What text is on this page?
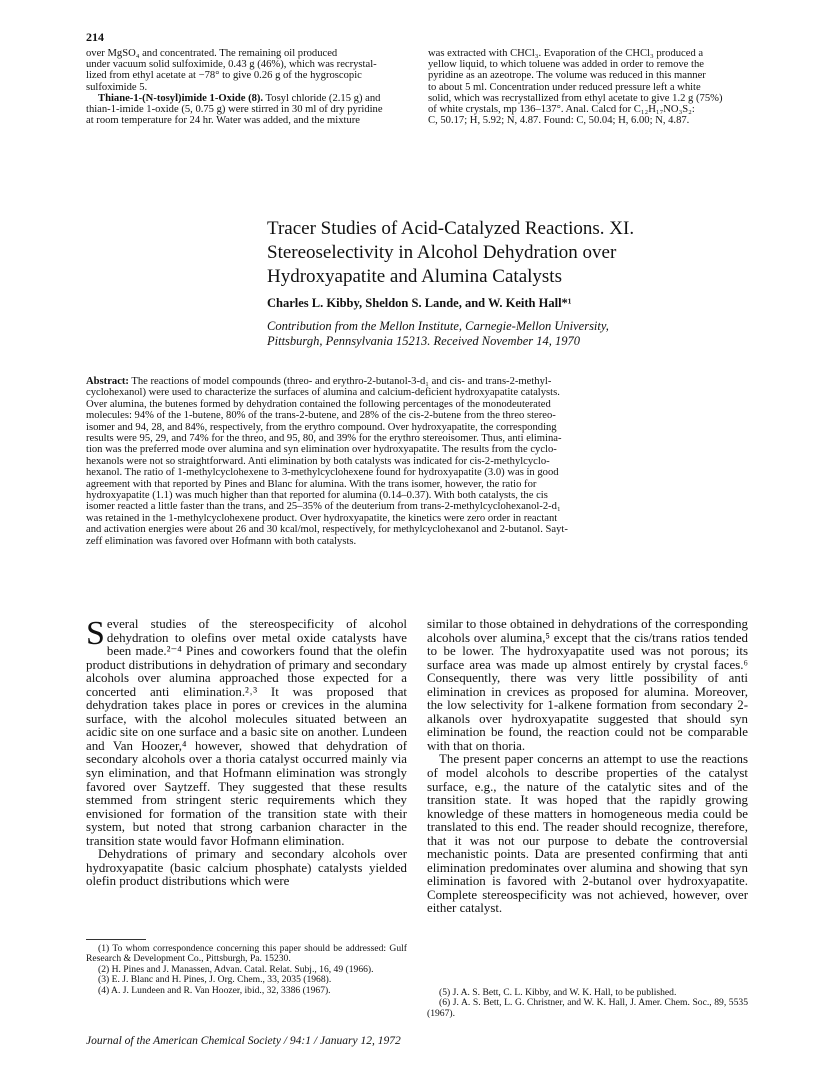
214
over MgSO₄ and concentrated. The remaining oil produced
under vacuum solid sulfoximide, 0.43 g (46%), which was recrystal-
lized from ethyl acetate at −78° to give 0.26 g of the hygroscopic
sulfoximide 5.
Thiane-1-(N-tosyl)imide 1-Oxide (8). Tosyl chloride (2.15 g) and
thian-1-imide 1-oxide (5, 0.75 g) were stirred in 30 ml of dry pyridine
at room temperature for 24 hr. Water was added, and the mixture
was extracted with CHCl₃. Evaporation of the CHCl₃ produced a
yellow liquid, to which toluene was added in order to remove the
pyridine as an azeotrope. The volume was reduced in this manner
to about 5 ml. Concentration under reduced pressure left a white
solid, which was recrystallized from ethyl acetate to give 1.2 g (75%)
of white crystals, mp 136–137°. Anal. Calcd for C₁₂H₁₇NO₃S₂:
C, 50.17; H, 5.92; N, 4.87. Found: C, 50.04; H, 6.00; N, 4.87.
Tracer Studies of Acid-Catalyzed Reactions. XI.
Stereoselectivity in Alcohol Dehydration over
Hydroxyapatite and Alumina Catalysts
Charles L. Kibby, Sheldon S. Lande, and W. Keith Hall*¹
Contribution from the Mellon Institute, Carnegie-Mellon University,
Pittsburgh, Pennsylvania 15213. Received November 14, 1970
Abstract: The reactions of model compounds (threo- and erythro-2-butanol-3-d₁ and cis- and trans-2-methyl-
cyclohexanol) were used to characterize the surfaces of alumina and calcium-deficient hydroxyapatite catalysts.
Over alumina, the butenes formed by dehydration contained the following percentages of the monodeuterated
molecules: 94% of the 1-butene, 80% of the trans-2-butene, and 28% of the cis-2-butene from the threo stereo-
isomer and 94, 28, and 84%, respectively, from the erythro compound. Over hydroxyapatite, the corresponding
results were 95, 29, and 74% for the threo, and 95, 80, and 39% for the erythro stereoisomer. Thus, anti elimina-
tion was the preferred mode over alumina and syn elimination over hydroxyapatite. The results from the cyclo-
hexanols were not so straightforward. Anti elimination by both catalysts was indicated for cis-2-methylcyclo-
hexanol. The ratio of 1-methylcyclohexene to 3-methylcyclohexene found for hydroxyapatite (3.0) was in good
agreement with that reported by Pines and Blanc for alumina. With the trans isomer, however, the ratio for
hydroxyapatite (1.1) was much higher than that reported for alumina (0.14–0.37). With both catalysts, the cis
isomer reacted a little faster than the trans, and 25–35% of the deuterium from trans-2-methylcyclohexanol-2-d₁
was retained in the 1-methylcyclohexene product. Over hydroxyapatite, the kinetics were zero order in reactant
and activation energies were about 26 and 30 kcal/mol, respectively, for methylcyclohexanol and 2-butanol. Sayt-
zeff elimination was favored over Hofmann with both catalysts.

Several studies of the stereospecificity of alcohol dehydration to olefins over metal oxide catalysts have been made.²⁻⁴ Pines and coworkers found that the olefin product distributions in dehydration of primary and secondary alcohols over alumina approached those expected for a concerted anti elimination.²˒³ It was proposed that dehydration takes place in pores or crevices in the alumina surface, with the alcohol molecules situated between an acidic site on one surface and a basic site on another. Lundeen and Van Hoozer,⁴ however, showed that dehydration of secondary alcohols over a thoria catalyst occurred mainly via syn elimination, and that Hofmann elimination was strongly favored over Saytzeff. They suggested that these results stemmed from stringent steric requirements which they envisioned for formation of the transition state with their system, but noted that strong carbanion character in the transition state would favor Hofmann elimination.

Dehydrations of primary and secondary alcohols over hydroxyapatite (basic calcium phosphate) catalysts yielded olefin product distributions which were

(1) To whom correspondence concerning this paper should be addressed: Gulf Research & Development Co., Pittsburgh, Pa. 15230.

(2) H. Pines and J. Manassen, Advan. Catal. Relat. Subj., 16, 49 (1966).

(3) E. J. Blanc and H. Pines, J. Org. Chem., 33, 2035 (1968).

(4) A. J. Lundeen and R. Van Hoozer, ibid., 32, 3386 (1967).

similar to those obtained in dehydrations of the corresponding alcohols over alumina,⁵ except that the cis/trans ratios tended to be lower. The hydroxyapatite used was not porous; its surface area was made up almost entirely by crystal faces.⁶ Consequently, there was very little possibility of anti elimination in crevices as proposed for alumina. Moreover, the low selectivity for 1-alkene formation from secondary 2-alkanols over hydroxyapatite suggested that should syn elimination be found, the reaction could not be comparable with that on thoria.

The present paper concerns an attempt to use the reactions of model alcohols to describe properties of the catalyst surface, e.g., the nature of the catalytic sites and of the transition state. It was hoped that the rapidly growing knowledge of these matters in homogeneous media could be translated to this end. The reader should recognize, therefore, that it was not our purpose to debate the controversial mechanistic points. Data are presented confirming that anti elimination predominates over alumina and showing that syn elimination is favored with 2-butanol over hydroxyapatite. Complete stereospecificity was not achieved, however, over either catalyst.

(5) J. A. S. Bett, C. L. Kibby, and W. K. Hall, to be published.

(6) J. A. S. Bett, L. G. Christner, and W. K. Hall, J. Amer. Chem. Soc., 89, 5535 (1967).

Journal of the American Chemical Society / 94:1 / January 12, 1972
